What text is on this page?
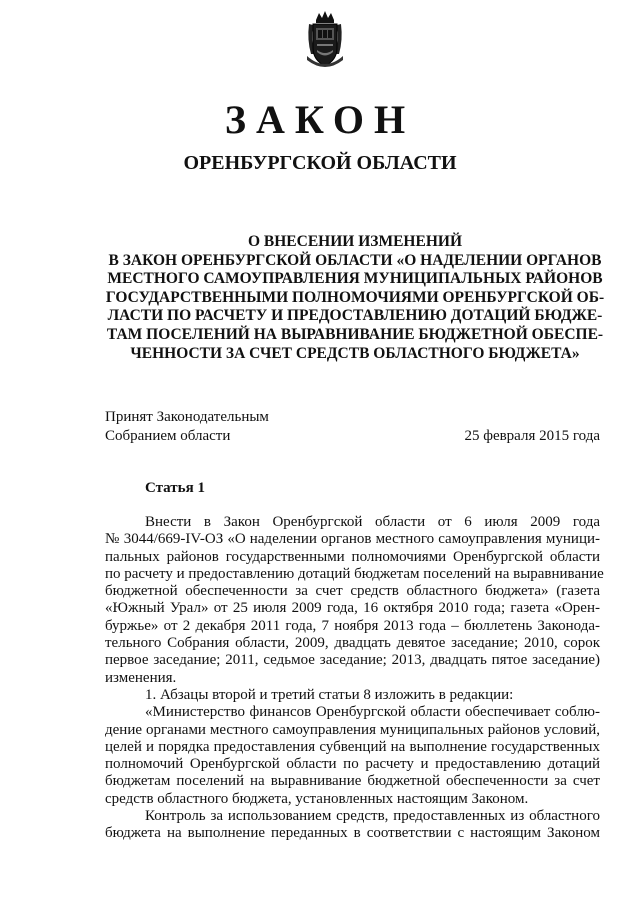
ЗАКОН
ОРЕНБУРГСКОЙ ОБЛАСТИ
О ВНЕСЕНИИ ИЗМЕНЕНИЙ
В ЗАКОН ОРЕНБУРГСКОЙ ОБЛАСТИ «О НАДЕЛЕНИИ ОРГАНОВ
МЕСТНОГО САМОУПРАВЛЕНИЯ МУНИЦИПАЛЬНЫХ РАЙОНОВ
ГОСУДАРСТВЕННЫМИ ПОЛНОМОЧИЯМИ ОРЕНБУРГСКОЙ ОБ-
ЛАСТИ ПО РАСЧЕТУ И ПРЕДОСТАВЛЕНИЮ ДОТАЦИЙ БЮДЖЕ-
ТАМ ПОСЕЛЕНИЙ НА ВЫРАВНИВАНИЕ БЮДЖЕТНОЙ ОБЕСПЕ-
ЧЕННОСТИ ЗА СЧЕТ СРЕДСТВ ОБЛАСТНОГО БЮДЖЕТА»
Принят Законодательным
Собранием области	25 февраля 2015 года
Статья 1
Внести в Закон Оренбургской области от 6 июля 2009 года
№ 3044/669-IV-ОЗ «О наделении органов местного самоуправления муници-
пальных районов государственными полномочиями Оренбургской области
по расчету и предоставлению дотаций бюджетам поселений на выравнивание
бюджетной обеспеченности за счет средств областного бюджета» (газета
«Южный Урал» от 25 июля 2009 года, 16 октября 2010 года; газета «Орен-
буржье» от 2 декабря 2011 года, 7 ноября 2013 года – бюллетень Законода-
тельного Собрания области, 2009, двадцать девятое заседание; 2010, сорок
первое заседание; 2011, седьмое заседание; 2013, двадцать пятое заседание)
изменения.
1. Абзацы второй и третий статьи 8 изложить в редакции:
«Министерство финансов Оренбургской области обеспечивает соблю-
дение органами местного самоуправления муниципальных районов условий,
целей и порядка предоставления субвенций на выполнение государственных
полномочий Оренбургской области по расчету и предоставлению дотаций
бюджетам поселений на выравнивание бюджетной обеспеченности за счет
средств областного бюджета, установленных настоящим Законом.
Контроль за использованием средств, предоставленных из областного
бюджета на выполнение переданных в соответствии с настоящим Законом
